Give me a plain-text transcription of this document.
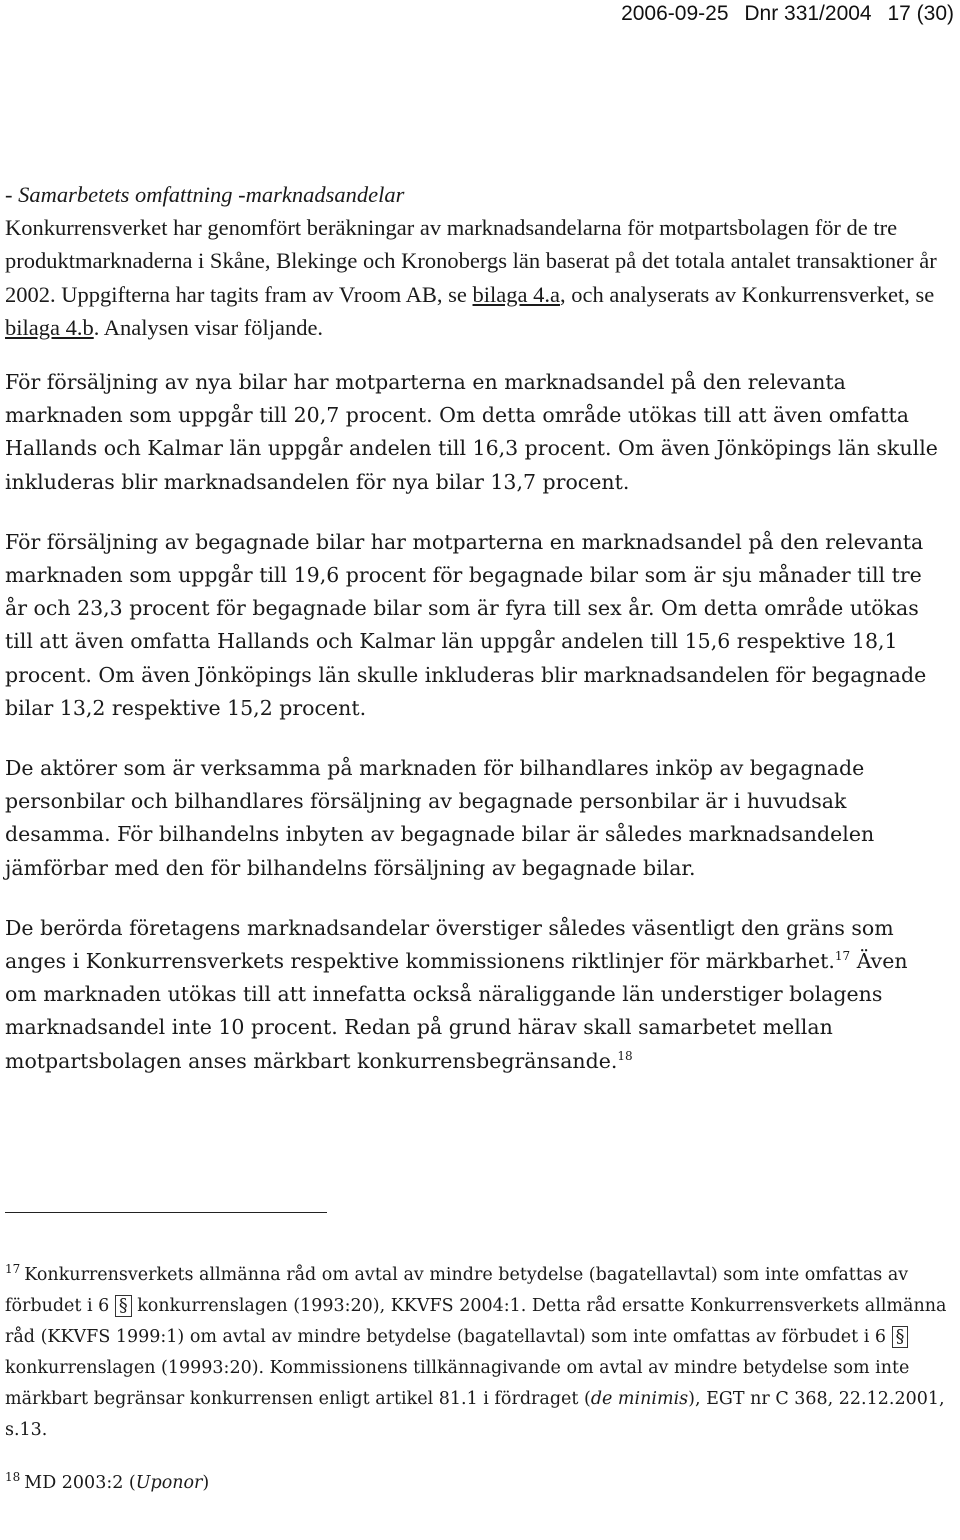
2006-09-25 Dnr 331/2004 17 (30)

- Samarbetets omfattning -marknadsandelar
Konkurrensverket har genomfört beräkningar av marknadsandelarna för motpartsbolagen för de tre produktmarknaderna i Skåne, Blekinge och Kronobergs län baserat på det totala antalet transaktioner år 2002. Uppgifterna har tagits fram av Vroom AB, se bilaga 4.a, och analyserats av Konkurrensverket, se bilaga 4.b. Analysen visar följande.

För försäljning av nya bilar har motparterna en marknadsandel på den relevanta marknaden som uppgår till 20,7 procent. Om detta område utökas till att även omfatta Hallands och Kalmar län uppgår andelen till 16,3 procent. Om även Jönköpings län skulle inkluderas blir marknadsandelen för nya bilar 13,7 procent.

För försäljning av begagnade bilar har motparterna en marknadsandel på den relevanta marknaden som uppgår till 19,6 procent för begagnade bilar som är sju månader till tre år och 23,3 procent för begagnade bilar som är fyra till sex år. Om detta område utökas till att även omfatta Hallands och Kalmar län uppgår andelen till 15,6 respektive 18,1 procent. Om även Jönköpings län skulle inkluderas blir marknadsandelen för begagnade bilar 13,2 respektive 15,2 procent.

De aktörer som är verksamma på marknaden för bilhandlares inköp av begagnade personbilar och bilhandlares försäljning av begagnade personbilar är i huvudsak desamma. För bilhandelns inbyten av begagnade bilar är således marknadsandelen jämförbar med den för bilhandelns försäljning av begagnade bilar.

De berörda företagens marknadsandelar överstiger således väsentligt den gräns som anges i Konkurrensverkets respektive kommissionens riktlinjer för märkbarhet.$^{17}$ Även om marknaden utökas till att innefatta också näraliggande län understiger bolagens marknadsandel inte 10 procent. Redan på grund härav skall samarbetet mellan motpartsbolagen anses märkbart konkurrensbegränsande.$^{18}$

$^{17}$ Konkurrensverkets allmänna råd om avtal av mindre betydelse (bagatellavtal) som inte omfattas av förbudet i 6 § konkurrenslagen (1993:20), KKVFS 2004:1. Detta råd ersatte Konkurrensverkets allmänna råd (KKVFS 1999:1) om avtal av mindre betydelse (bagatellavtal) som inte omfattas av förbudet i 6 § konkurrenslagen (19993:20). Kommissionens tillkännagivande om avtal av mindre betydelse som inte märkbart begränsar konkurrensen enligt artikel 81.1 i fördraget (de minimis), EGT nr C 368, 22.12.2001, s.13.

$^{18}$ MD 2003:2 (Uponor)
